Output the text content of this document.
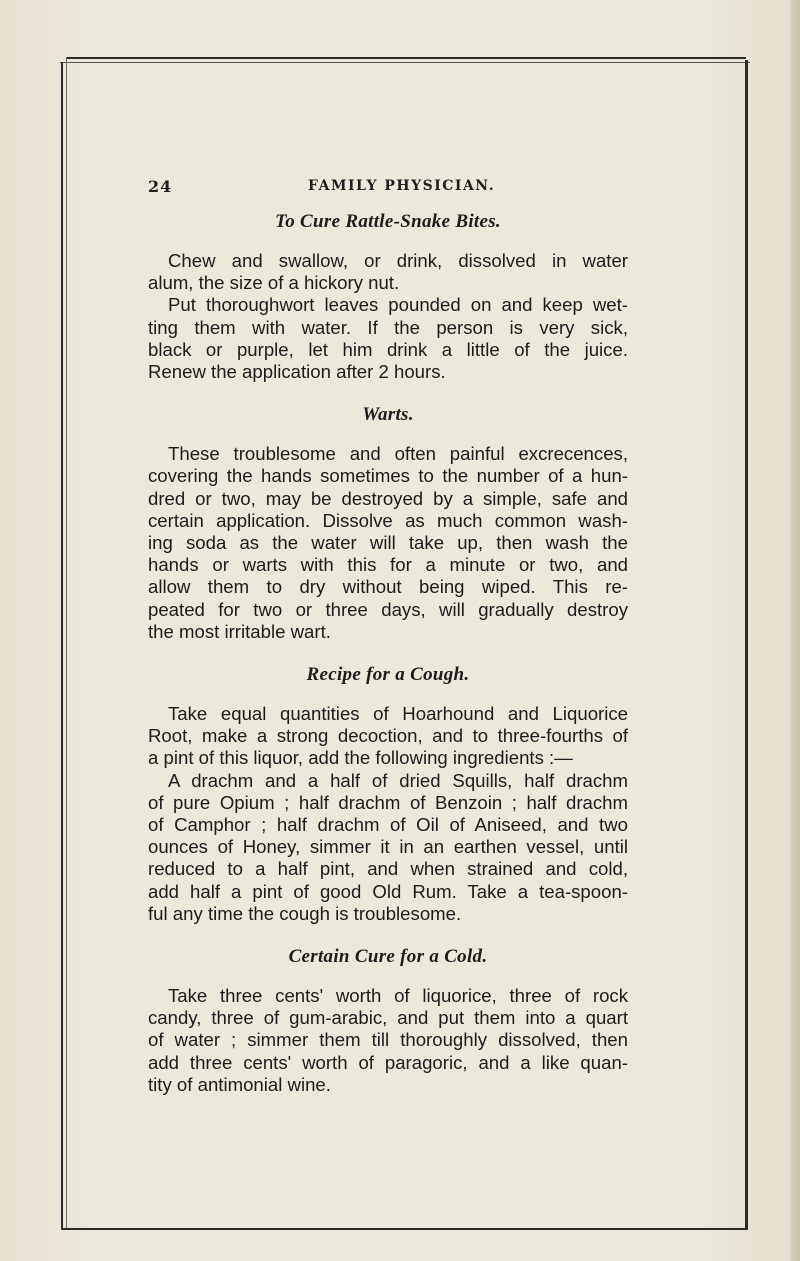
24	FAMILY PHYSICIAN.
To Cure Rattle-Snake Bites.
Chew and swallow, or drink, dissolved in water
alum, the size of a hickory nut.
Put thoroughwort leaves pounded on and keep wet-
ting them with water. If the person is very sick,
black or purple, let him drink a little of the juice.
Renew the application after 2 hours.
Warts.
These troublesome and often painful excrecences,
covering the hands sometimes to the number of a hun-
dred or two, may be destroyed by a simple, safe and
certain application. Dissolve as much common wash-
ing soda as the water will take up, then wash the
hands or warts with this for a minute or two, and
allow them to dry without being wiped. This re-
peated for two or three days, will gradually destroy
the most irritable wart.
Recipe for a Cough.
Take equal quantities of Hoarhound and Liquorice
Root, make a strong decoction, and to three-fourths of
a pint of this liquor, add the following ingredients :—
A drachm and a half of dried Squills, half drachm
of pure Opium ; half drachm of Benzoin ; half drachm
of Camphor ; half drachm of Oil of Aniseed, and two
ounces of Honey, simmer it in an earthen vessel, until
reduced to a half pint, and when strained and cold,
add half a pint of good Old Rum. Take a tea-spoon-
ful any time the cough is troublesome.
Certain Cure for a Cold.
Take three cents' worth of liquorice, three of rock
candy, three of gum-arabic, and put them into a quart
of water ; simmer them till thoroughly dissolved, then
add three cents' worth of paragoric, and a like quan-
tity of antimonial wine.
